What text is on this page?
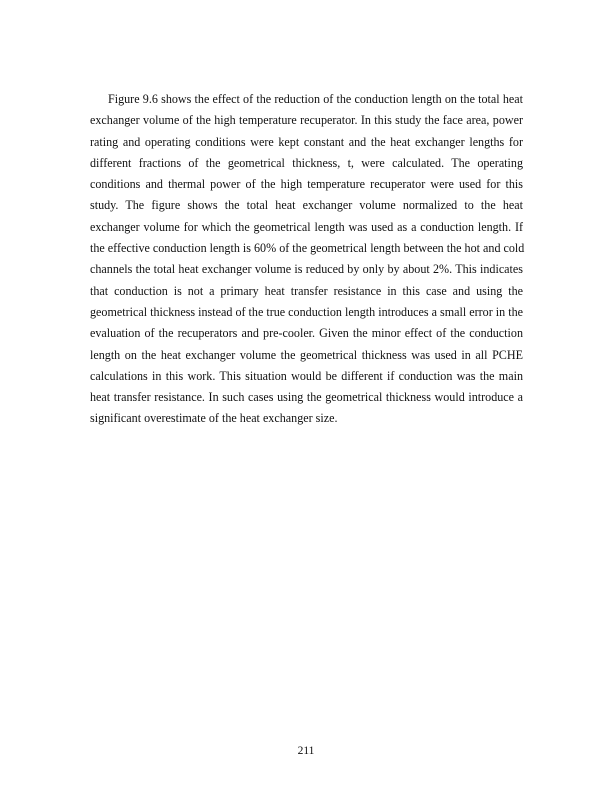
Figure 9.6 shows the effect of the reduction of the conduction length on the total heat
exchanger volume of the high temperature recuperator. In this study the face area, power
rating and operating conditions were kept constant and the heat exchanger lengths for
different fractions of the geometrical thickness, t, were calculated. The operating
conditions and thermal power of the high temperature recuperator were used for this
study. The figure shows the total heat exchanger volume normalized to the heat
exchanger volume for which the geometrical length was used as a conduction length. If
the effective conduction length is 60% of the geometrical length between the hot and cold
channels the total heat exchanger volume is reduced by only by about 2%. This indicates
that conduction is not a primary heat transfer resistance in this case and using the
geometrical thickness instead of the true conduction length introduces a small error in the
evaluation of the recuperators and pre-cooler. Given the minor effect of the conduction
length on the heat exchanger volume the geometrical thickness was used in all PCHE
calculations in this work. This situation would be different if conduction was the main
heat transfer resistance. In such cases using the geometrical thickness would introduce a
significant overestimate of the heat exchanger size.
211
